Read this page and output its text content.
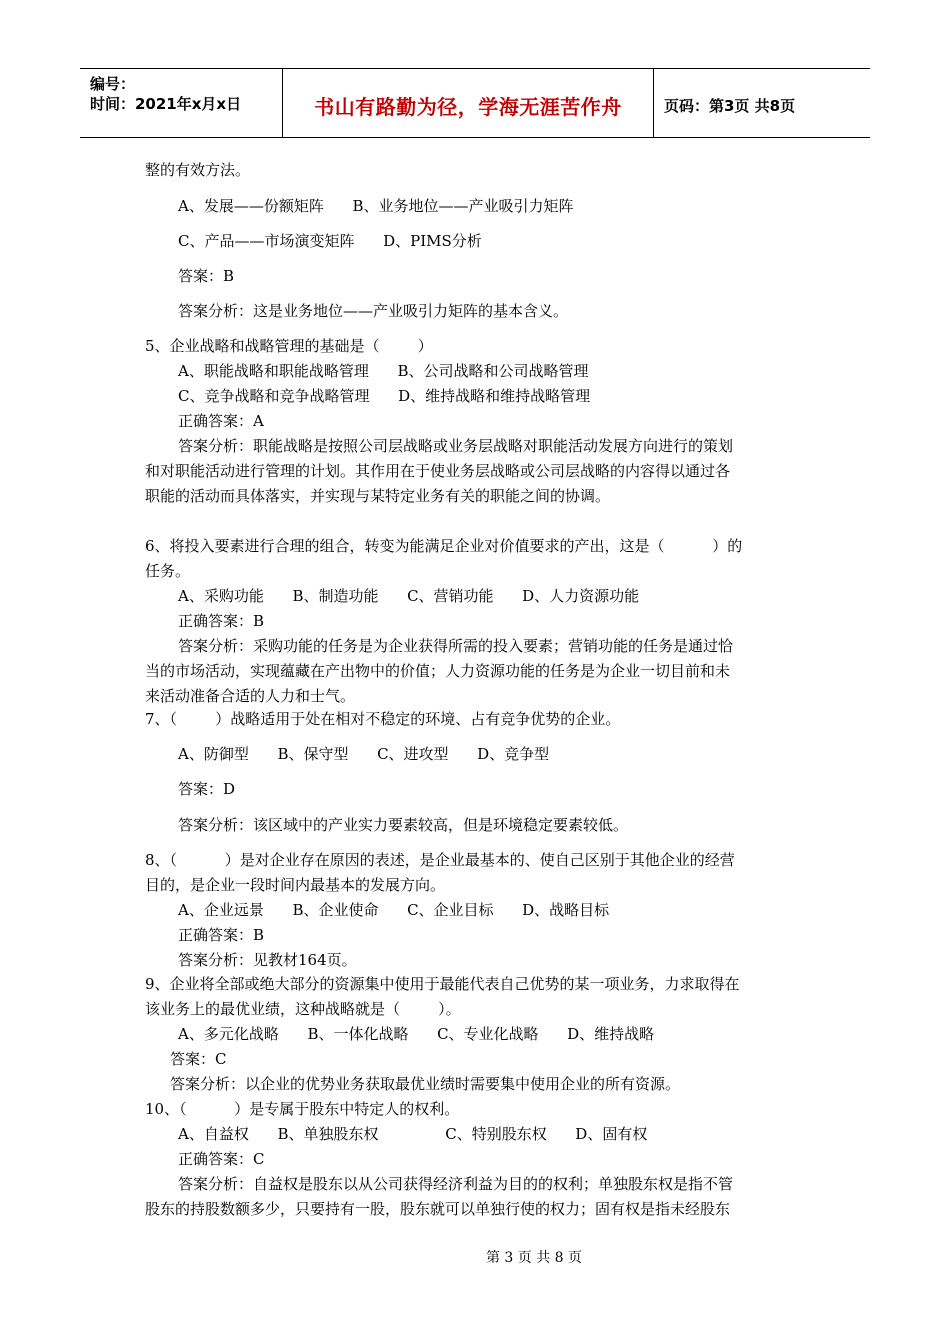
编号：
时间：2021年x月x日	书山有路勤为径，学海无涯苦作舟	页码：第3页 共8页
整的有效方法。
A、发展——份额矩阵      B、业务地位——产业吸引力矩阵
C、产品——市场演变矩阵      D、PIMS分析
答案：B
答案分析：这是业务地位——产业吸引力矩阵的基本含义。
5、企业战略和战略管理的基础是（        ）
A、职能战略和职能战略管理      B、公司战略和公司战略管理
C、竞争战略和竞争战略管理      D、维持战略和维持战略管理
正确答案：A
答案分析：职能战略是按照公司层战略或业务层战略对职能活动发展方向进行的策划
和对职能活动进行管理的计划。其作用在于使业务层战略或公司层战略的内容得以通过各
职能的活动而具体落实，并实现与某特定业务有关的职能之间的协调。
6、将投入要素进行合理的组合，转变为能满足企业对价值要求的产出，这是（          ）的
任务。
A、采购功能      B、制造功能      C、营销功能      D、人力资源功能
正确答案：B
答案分析：采购功能的任务是为企业获得所需的投入要素；营销功能的任务是通过恰
当的市场活动，实现蕴藏在产出物中的价值；人力资源功能的任务是为企业一切目前和未
来活动准备合适的人力和士气。
7、（        ）战略适用于处在相对不稳定的环境、占有竞争优势的企业。
A、防御型      B、保守型      C、进攻型      D、竞争型
答案：D
答案分析：该区域中的产业实力要素较高，但是环境稳定要素较低。
8、（          ）是对企业存在原因的表述，是企业最基本的、使自己区别于其他企业的经营
目的，是企业一段时间内最基本的发展方向。
A、企业远景      B、企业使命      C、企业目标      D、战略目标
正确答案：B
答案分析：见教材164页。
9、企业将全部或绝大部分的资源集中使用于最能代表自己优势的某一项业务，力求取得在
该业务上的最优业绩，这种战略就是（        ）。
A、多元化战略      B、一体化战略      C、专业化战略      D、维持战略
答案：C
答案分析：以企业的优势业务获取最优业绩时需要集中使用企业的所有资源。
10、（          ）是专属于股东中特定人的权利。
A、自益权      B、单独股东权              C、特别股东权      D、固有权
正确答案：C
答案分析：自益权是股东以从公司获得经济利益为目的的权利；单独股东权是指不管
股东的持股数额多少，只要持有一股，股东就可以单独行使的权力；固有权是指未经股东
第 3 页 共 8 页
